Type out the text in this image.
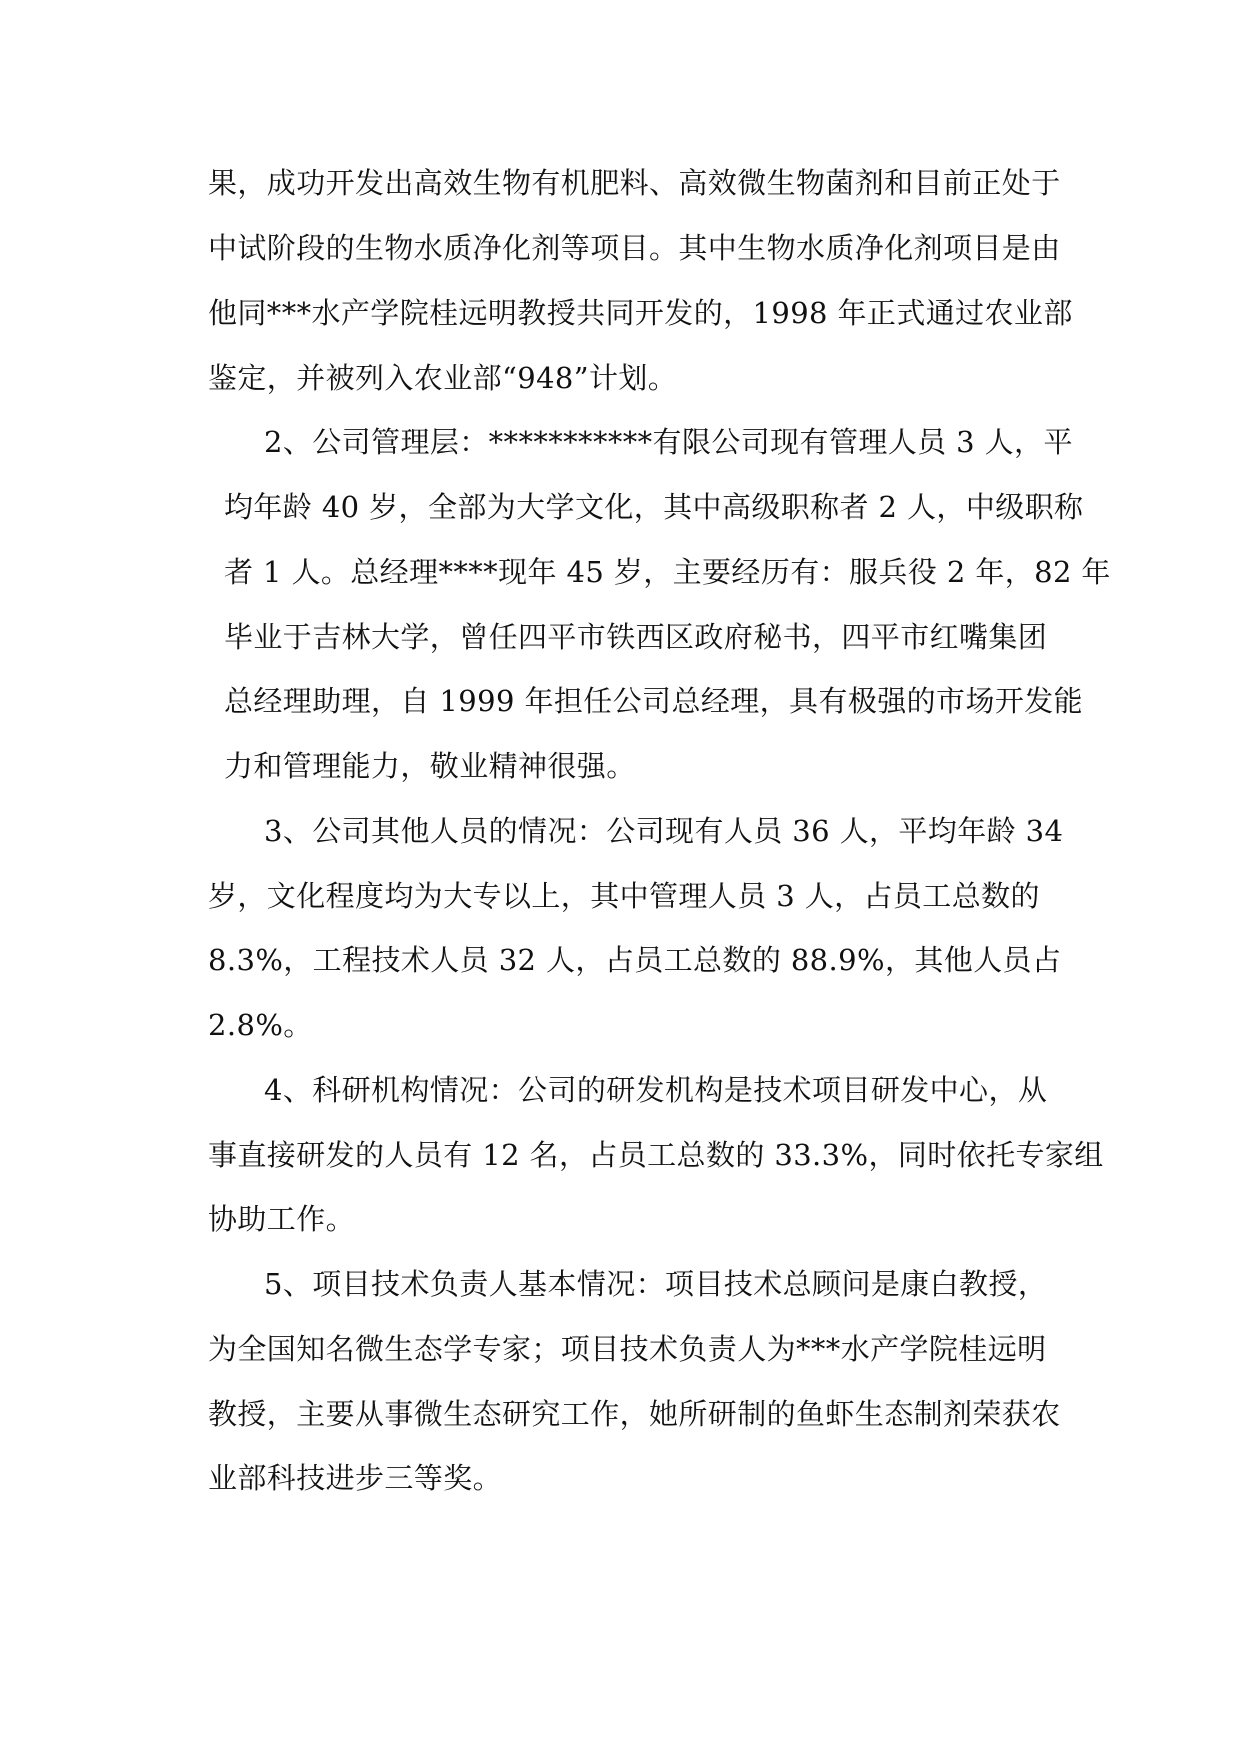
果，成功开发出高效生物有机肥料、高效微生物菌剂和目前正处于
中试阶段的生物水质净化剂等项目。其中生物水质净化剂项目是由
他同***水产学院桂远明教授共同开发的，1998 年正式通过农业部
鉴定，并被列入农业部“948”计划。
2、公司管理层：***********有限公司现有管理人员 3 人，平
均年龄 40 岁，全部为大学文化，其中高级职称者 2 人，中级职称
者 1 人。总经理****现年 45 岁，主要经历有：服兵役 2 年，82 年
毕业于吉林大学，曾任四平市铁西区政府秘书，四平市红嘴集团
总经理助理，自 1999 年担任公司总经理，具有极强的市场开发能
力和管理能力，敬业精神很强。
3、公司其他人员的情况：公司现有人员 36 人，平均年龄 34
岁，文化程度均为大专以上，其中管理人员 3 人，占员工总数的
8.3%，工程技术人员 32 人，占员工总数的 88.9%，其他人员占
2.8%。
4、科研机构情况：公司的研发机构是技术项目研发中心，从
事直接研发的人员有 12 名，占员工总数的 33.3%，同时依托专家组
协助工作。
5、项目技术负责人基本情况：项目技术总顾问是康白教授，
为全国知名微生态学专家；项目技术负责人为***水产学院桂远明
教授，主要从事微生态研究工作，她所研制的鱼虾生态制剂荣获农
业部科技进步三等奖。
